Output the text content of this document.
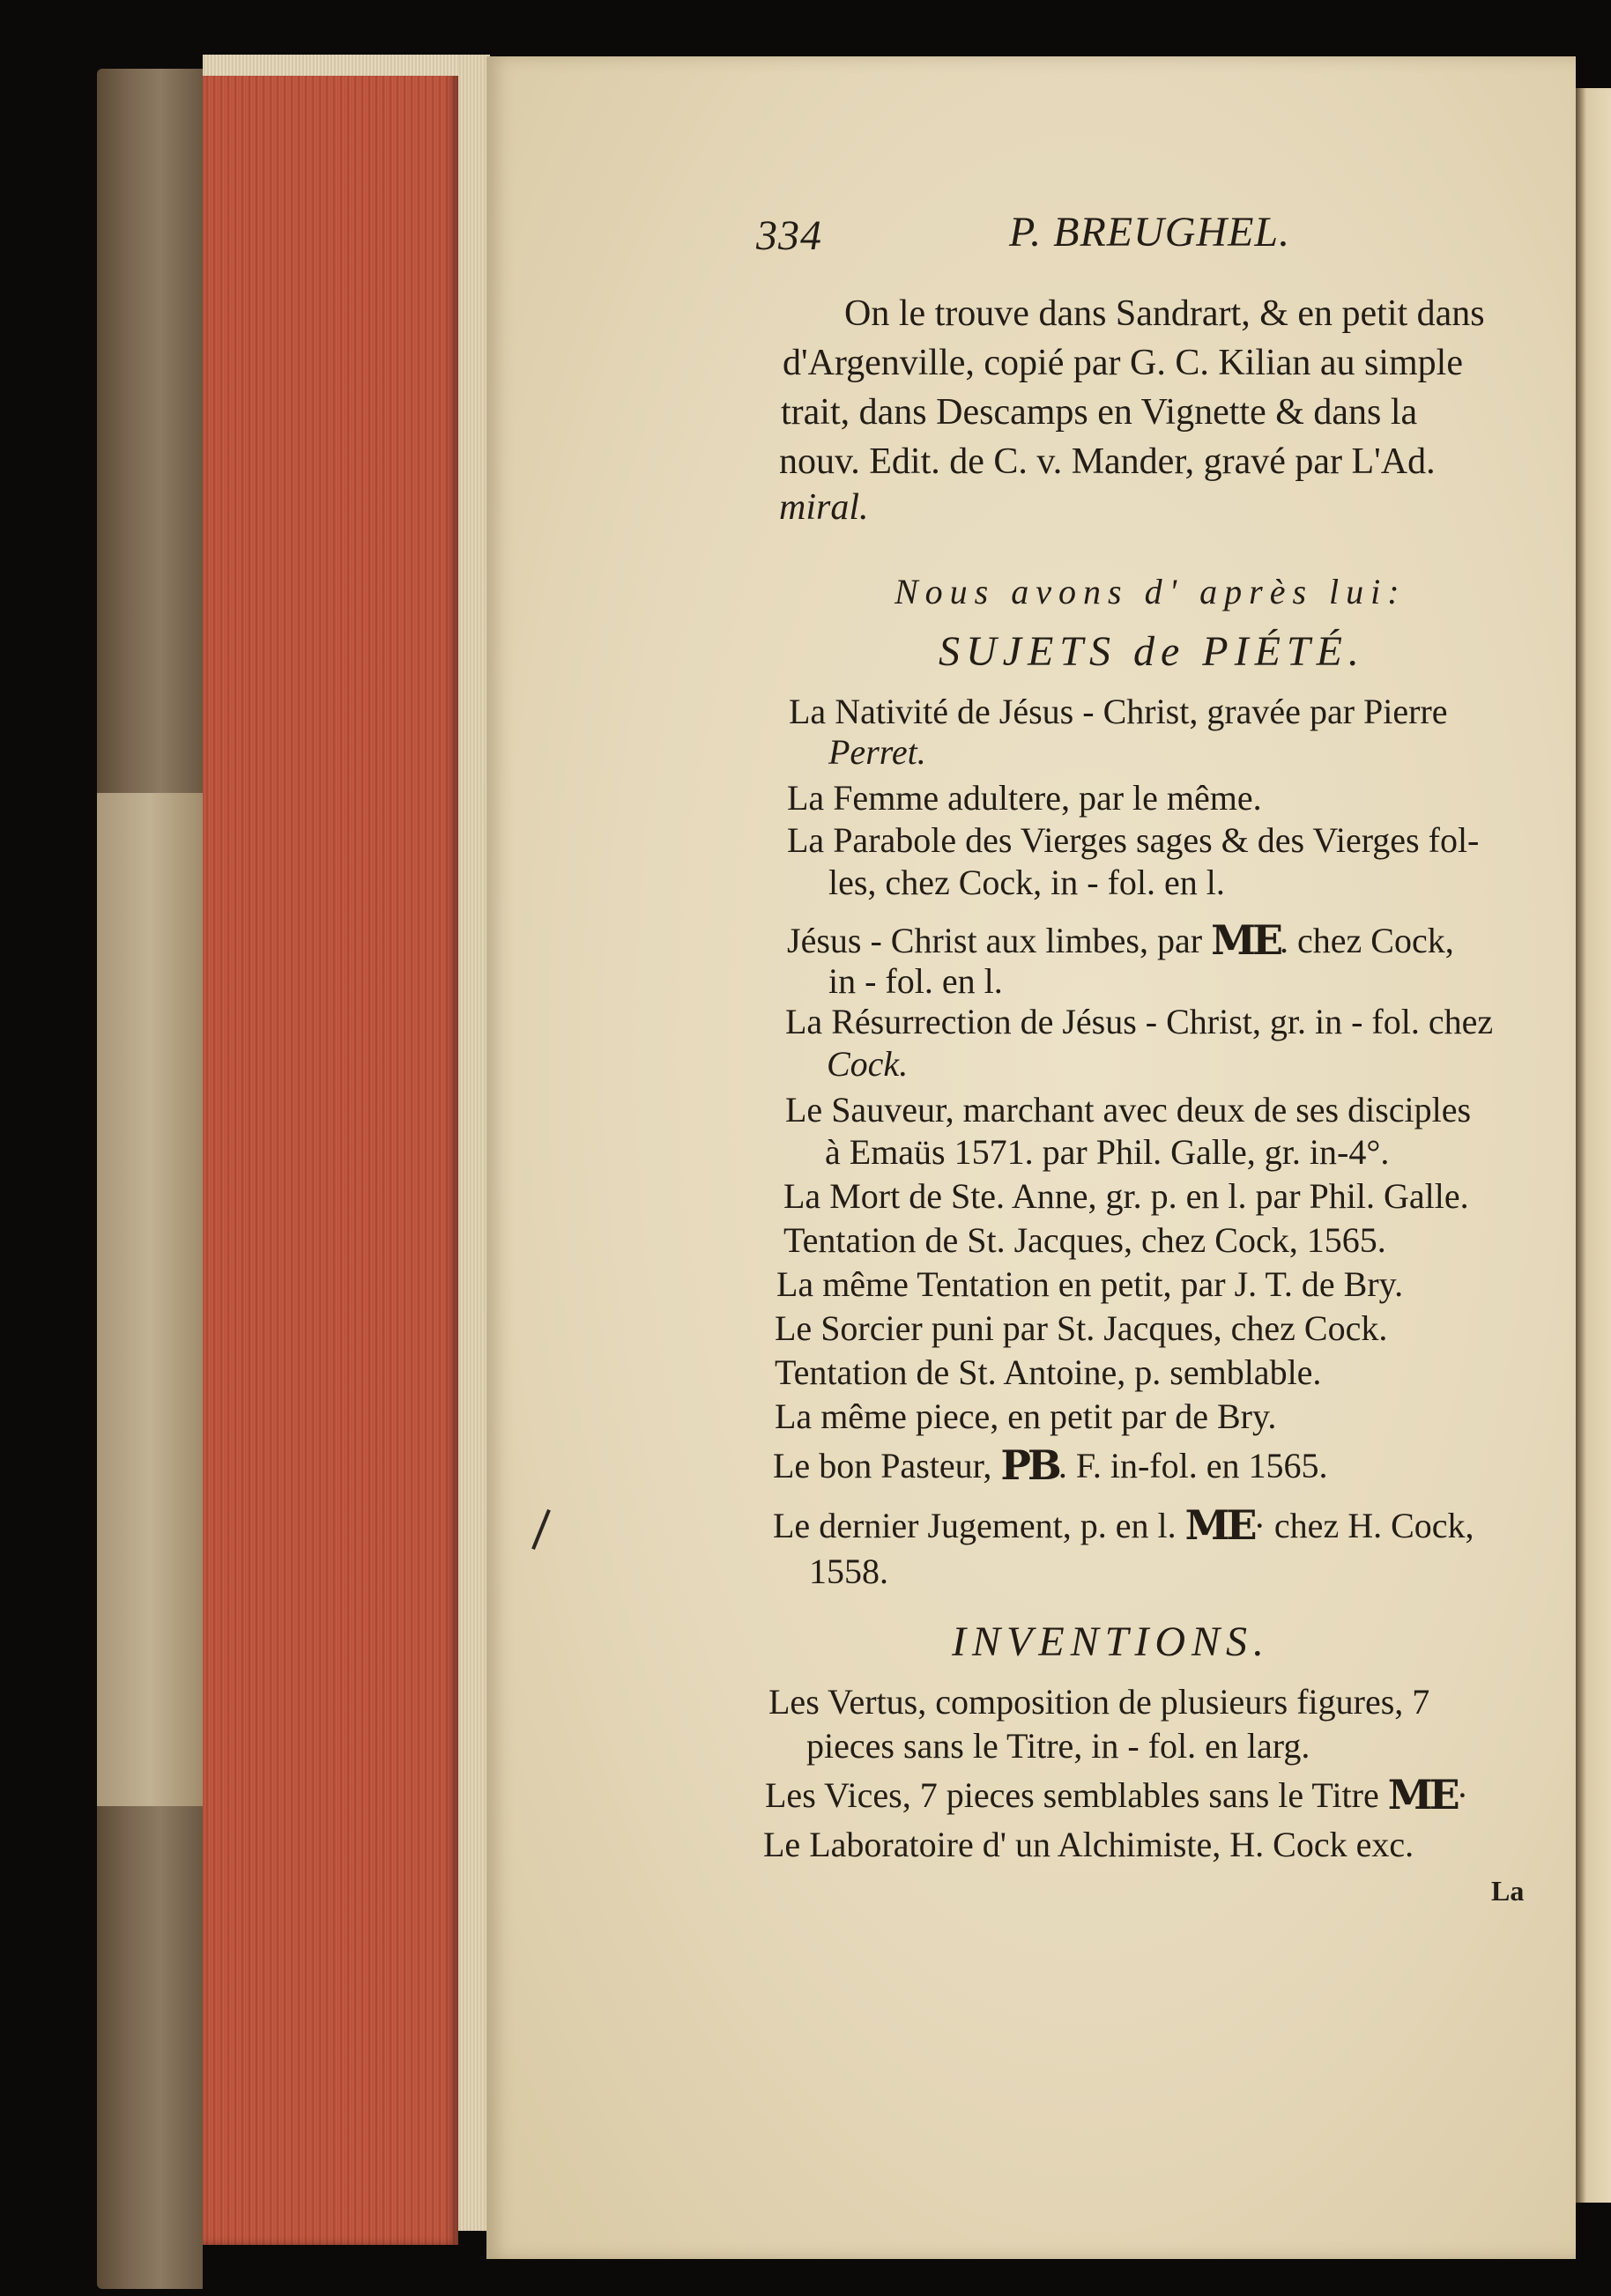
334	P. BREUGHEL.
On le trouve dans Sandrart, & en petit dans
d'Argenville, copié par G. C. Kilian au simple
trait, dans Descamps en Vignette & dans la
nouv. Edit. de C. v. Mander, gravé par L'Ad.
miral.
Nous avons d' après lui:
SUJETS de PIÉTÉ.
La Nativité de Jésus - Christ, gravée par Pierre
Perret.
La Femme adultere, par le même.
La Parabole des Vierges sages & des Vierges fol-
les, chez Cock, in - fol. en l.
Jésus - Christ aux limbes, par ME. chez Cock,
in - fol. en l.
La Résurrection de Jésus - Christ, gr. in - fol. chez
Cock.
Le Sauveur, marchant avec deux de ses disciples
à Emaüs 1571. par Phil. Galle, gr. in-4°.
La Mort de Ste. Anne, gr. p. en l. par Phil. Galle.
Tentation de St. Jacques, chez Cock, 1565.
La même Tentation en petit, par J. T. de Bry.
Le Sorcier puni par St. Jacques, chez Cock.
Tentation de St. Antoine, p. semblable.
La même piece, en petit par de Bry.
Le bon Pasteur, PB. F. in-fol. en 1565.
Le dernier Jugement, p. en l. ME· chez H. Cock,
1558.
INVENTIONS.
Les Vertus, composition de plusieurs figures, 7
pieces sans le Titre, in - fol. en larg.
Les Vices, 7 pieces semblables sans le Titre ME·
Le Laboratoire d' un Alchimiste, H. Cock exc.
La
